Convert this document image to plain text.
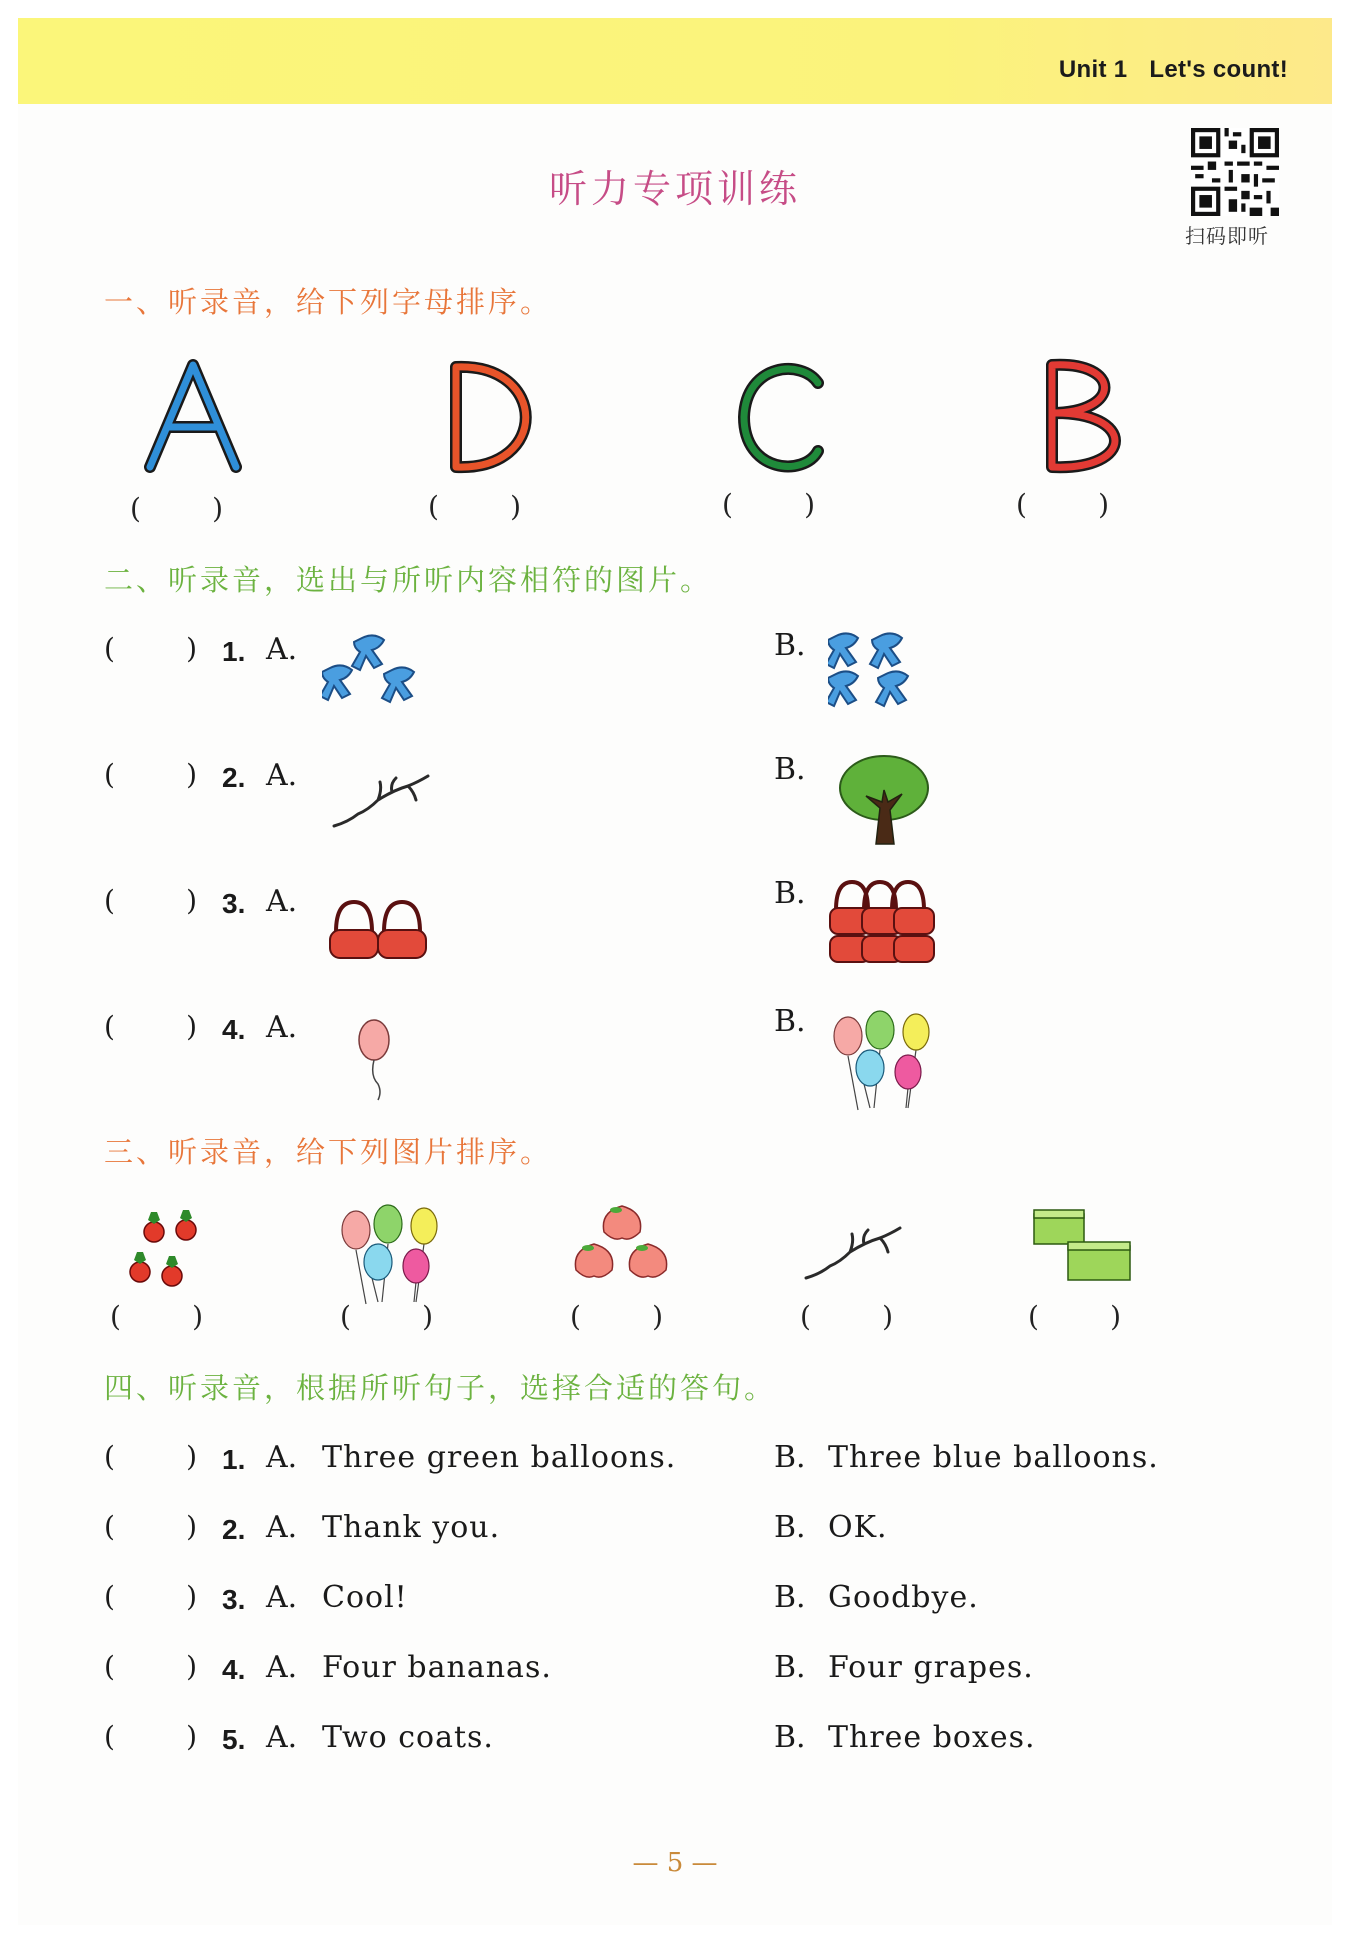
Unit 1 Let's count!
听力专项训练
扫码即听
一、听录音，给下列字母排序。
(        )	(        )	(        )	(        )
二、听录音，选出与所听内容相符的图片。
(        ) 1. A.	B.
(        ) 2. A.	B.
(        ) 3. A.	B.
(        ) 4. A.	B.
三、听录音，给下列图片排序。
(        )	(        )	(        )	(        )	(        )
四、听录音，根据所听句子，选择合适的答句。
(        ) 1. A. Three green balloons.	B. Three blue balloons.
(        ) 2. A. Thank you.	B. OK.
(        ) 3. A. Cool!	B. Goodbye.
(        ) 4. A. Four bananas.	B. Four grapes.
(        ) 5. A. Two coats.	B. Three boxes.
— 5 —
